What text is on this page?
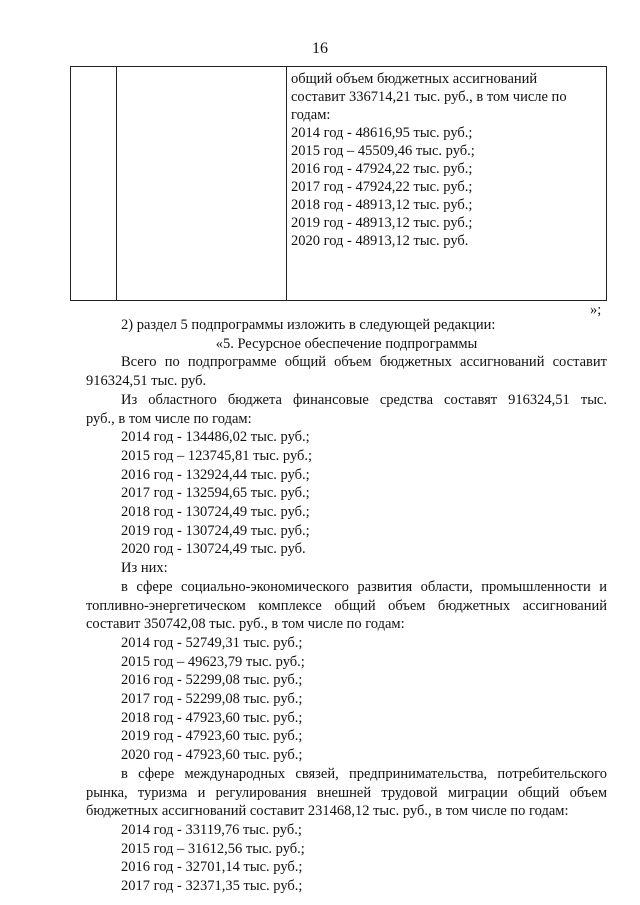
16
общий объем бюджетных ассигнований
составит 336714,21 тыс. руб., в том числе по
годам:
2014 год - 48616,95 тыс. руб.;
2015 год – 45509,46 тыс. руб.;
2016 год - 47924,22 тыс. руб.;
2017 год - 47924,22 тыс. руб.;
2018 год - 48913,12 тыс. руб.;
2019 год - 48913,12 тыс. руб.;
2020 год - 48913,12 тыс. руб.
»;
2) раздел 5 подпрограммы изложить в следующей редакции:
«5. Ресурсное обеспечение подпрограммы
Всего по подпрограмме общий объем бюджетных ассигнований составит
916324,51 тыс. руб.
Из областного бюджета финансовые средства составят 916324,51 тыс.
руб., в том числе по годам:
2014 год - 134486,02 тыс. руб.;
2015 год – 123745,81 тыс. руб.;
2016 год - 132924,44 тыс. руб.;
2017 год - 132594,65 тыс. руб.;
2018 год - 130724,49 тыс. руб.;
2019 год - 130724,49 тыс. руб.;
2020 год - 130724,49 тыс. руб.
Из них:
в сфере социально-экономического развития области, промышленности и
топливно-энергетическом комплексе общий объем бюджетных ассигнований
составит 350742,08 тыс. руб., в том числе по годам:
2014 год - 52749,31 тыс. руб.;
2015 год – 49623,79 тыс. руб.;
2016 год - 52299,08 тыс. руб.;
2017 год - 52299,08 тыс. руб.;
2018 год - 47923,60 тыс. руб.;
2019 год - 47923,60 тыс. руб.;
2020 год - 47923,60 тыс. руб.;
в сфере международных связей, предпринимательства, потребительского
рынка, туризма и регулирования внешней трудовой миграции общий объем
бюджетных ассигнований составит 231468,12 тыс. руб., в том числе по годам:
2014 год - 33119,76 тыс. руб.;
2015 год – 31612,56 тыс. руб.;
2016 год - 32701,14 тыс. руб.;
2017 год - 32371,35 тыс. руб.;
